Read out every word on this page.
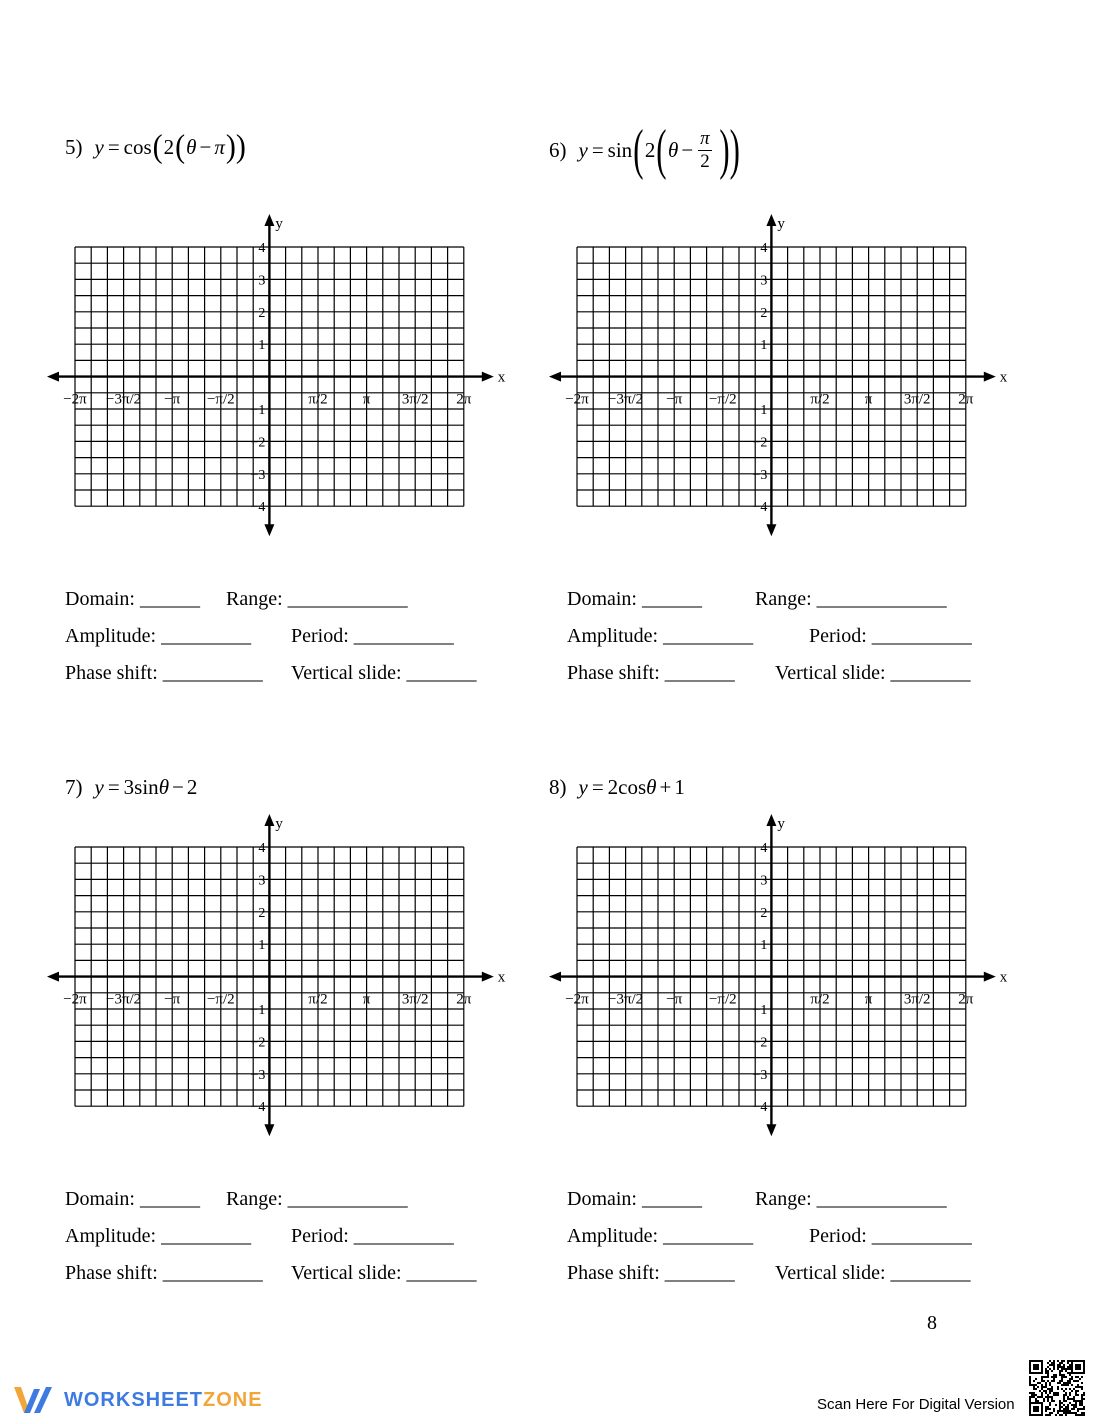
5) y = cos ( 2 ( θ − π ))
x
y
−2π −3π/2 −π −π/2	π/2 π 3π/2 2π
4
3
2
1
−1
−2
−3
−4
Domain: ______ Range: ____________
Amplitude: _________ Period: __________
Phase shift: __________ Vertical slide: _______
6) y = sin ( 2 ( $\theta - \frac{\pi}{2}$ ))
x
y
−2π −3π/2 −π −π/2	π/2 π 3π/2 2π
4
3
2
1
−1
−2
−3
−4
Domain: ______	Range: _____________
Amplitude: _________	Period: __________
Phase shift: _______ Vertical slide: ________
7) y = 3 sin θ − 2
x
y
−2π −3π/2 −π −π/2	π/2 π 3π/2 2π
4
3
2
1
−1
−2
−3
−4
Domain: ______ Range: ____________
Amplitude: _________ Period: __________
Phase shift: __________ Vertical slide: _______
8) y = 2 cos θ + 1
x
y
−2π −3π/2 −π −π/2	π/2 π 3π/2 2π
4
3
2
1
−1
−2
−3
−4
Domain: ______	Range: _____________
Amplitude: _________	Period: __________
Phase shift: _______ Vertical slide: ________
8
WORKSHEETZONE	Scan Here For Digital Version
